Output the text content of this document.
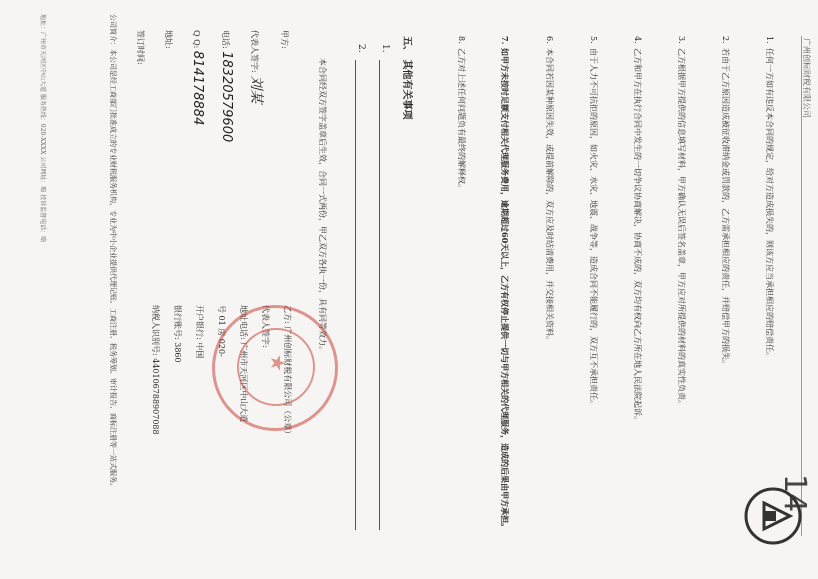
广州创标财税有限公司
14
1.任何一方如有违反本合同的规定，给对方造成损失的，则该方应当承担相应的赔偿责任。
2.若由于乙方原因造成被征收滞纳金或罚款的，乙方需承担相应的责任，并赔偿甲方的损失。
3.乙方根据甲方提供的信息填写材料，甲方确认无误后签名盖章，甲方应对所提供的材料的真实性负责。
4.乙方和甲方在执行合同中发生的一切争议协商解决，协商不成的，双方均有权向乙方所在地人民法院起诉。
5.由于人力不可抗拒的原因，如火灾、水灾、地震、战争等，造成合同不能履行的，双方互不承担责任。
6.本合同若因某种原因失效，或提前解除的，双方应及时结清费用，并交接相关资料。
7.如甲方未按时足额支付相关代理服务费用，逾期超过60天以上，乙方有权停止提供一切与甲方相关的代理服务，造成的后果由甲方承担。
8.乙方对上述任何问题负有最终的解释权。
五、 其他有关事项
1.
2.
本合同经双方签字盖章后生效，合同一式两份，甲乙双方各执一份，具有同等效力。
甲方:
代表人签字: 刘某
电话: 18320579600
Q Q: 814178884
地址:
签订时间:
乙方: 广州创标财税有限公司（公章）
代表人签字:
地址电话: 广州市天河区中山大道
号 01 房 020-
开户银行: 中国
银行账号: 3860
纳税人识别号: 440106788907088	★
公司简介：本公司是经工商部门批准成立的专业财税服务机构，专业为中小企业提供代理记账、工商注册、税务筹划、审计报告、商标注册等一站式服务。
地址：广州市天河区中山大道 服务热线：020-XXXX 公司网址：略 投诉监督电话：略
